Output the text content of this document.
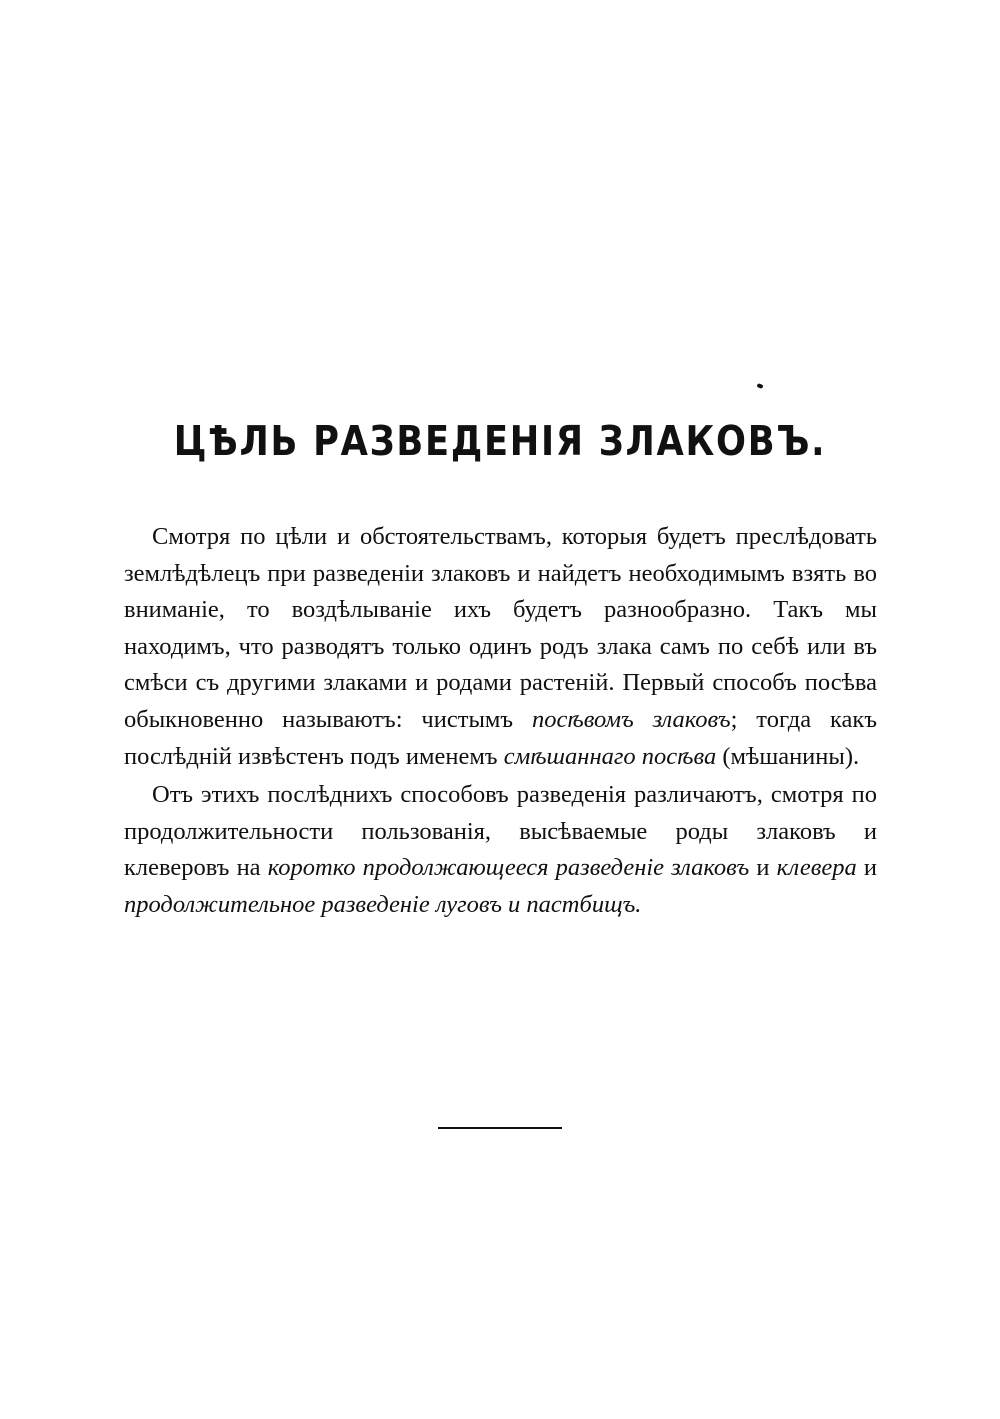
ЦѢЛЬ РАЗВЕДЕНІЯ ЗЛАКОВЪ.

Смотря по цѣли и обстоятельствамъ, которыя будетъ преслѣдовать землѣдѣлецъ при разведеніи злаковъ и найдетъ необходимымъ взять во вниманіе, то воздѣлываніе ихъ будетъ разнообразно. Такъ мы находимъ, что разводятъ только одинъ родъ злака самъ по себѣ или въ смѣси съ другими злаками и родами растеній. Первый способъ посѣва обыкновенно называютъ: чистымъ посѣвомъ злаковъ; тогда какъ послѣдній извѣстенъ подъ именемъ смѣшаннаго посѣва (мѣшанины).

Отъ этихъ послѣднихъ способовъ разведенія различаютъ, смотря по продолжительности пользованія, высѣваемые роды злаковъ и клеверовъ на коротко продолжающееся разведеніе злаковъ и клевера и продолжительное разведеніе луговъ и пастбищъ.
